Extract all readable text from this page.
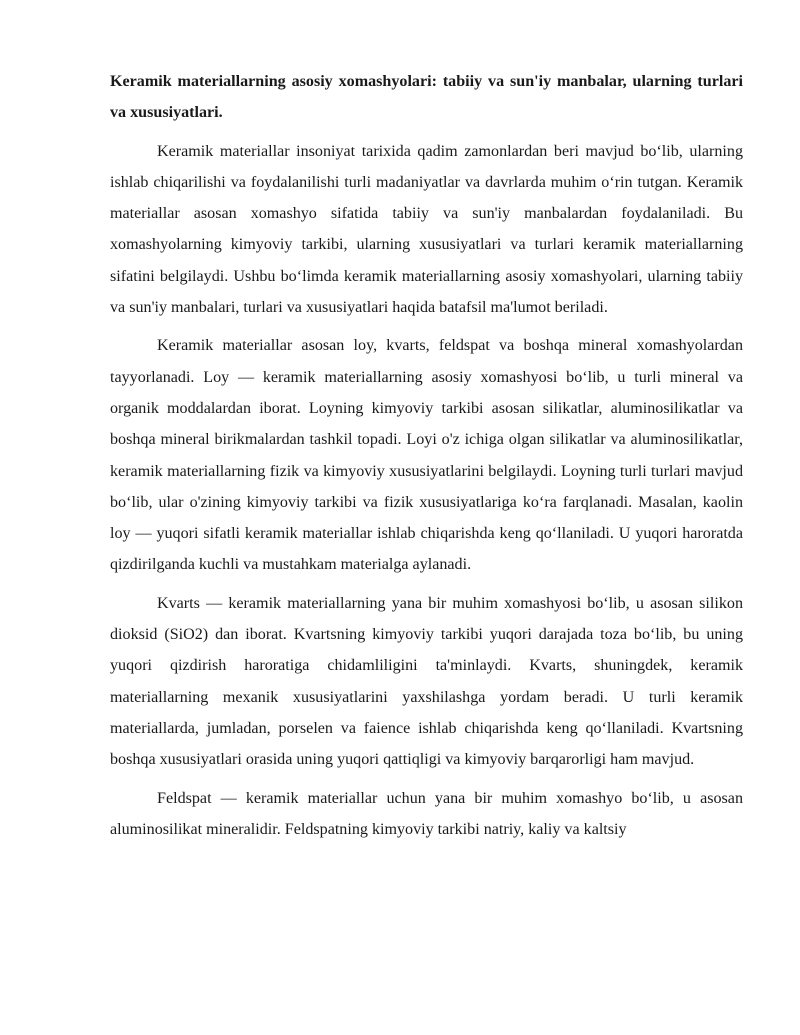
Keramik materiallarning asosiy xomashyolari: tabiiy va sun'iy manbalar, ularning turlari va xususiyatlari.

Keramik materiallar insoniyat tarixida qadim zamonlardan beri mavjud bo‘lib, ularning ishlab chiqarilishi va foydalanilishi turli madaniyatlar va davrlarda muhim o‘rin tutgan. Keramik materiallar asosan xomashyo sifatida tabiiy va sun'iy manbalardan foydalaniladi. Bu xomashyolarning kimyoviy tarkibi, ularning xususiyatlari va turlari keramik materiallarning sifatini belgilaydi. Ushbu bo‘limda keramik materiallarning asosiy xomashyolari, ularning tabiiy va sun'iy manbalari, turlari va xususiyatlari haqida batafsil ma'lumot beriladi.

Keramik materiallar asosan loy, kvarts, feldspat va boshqa mineral xomashyolardan tayyorlanadi. Loy — keramik materiallarning asosiy xomashyosi bo‘lib, u turli mineral va organik moddalardan iborat. Loyning kimyoviy tarkibi asosan silikatlar, aluminosilikatlar va boshqa mineral birikmalardan tashkil topadi. Loyi o'z ichiga olgan silikatlar va aluminosilikatlar, keramik materiallarning fizik va kimyoviy xususiyatlarini belgilaydi. Loyning turli turlari mavjud bo‘lib, ular o'zining kimyoviy tarkibi va fizik xususiyatlariga ko‘ra farqlanadi. Masalan, kaolin loy — yuqori sifatli keramik materiallar ishlab chiqarishda keng qo‘llaniladi. U yuqori haroratda qizdirilganda kuchli va mustahkam materialga aylanadi.

Kvarts — keramik materiallarning yana bir muhim xomashyosi bo‘lib, u asosan silikon dioksid (SiO2) dan iborat. Kvartsning kimyoviy tarkibi yuqori darajada toza bo‘lib, bu uning yuqori qizdirish haroratiga chidamliligini ta'minlaydi. Kvarts, shuningdek, keramik materiallarning mexanik xususiyatlarini yaxshilashga yordam beradi. U turli keramik materiallarda, jumladan, porselen va faience ishlab chiqarishda keng qo‘llaniladi. Kvartsning boshqa xususiyatlari orasida uning yuqori qattiqligi va kimyoviy barqarorligi ham mavjud.

Feldspat — keramik materiallar uchun yana bir muhim xomashyo bo‘lib, u asosan aluminosilikat mineralidir. Feldspatning kimyoviy tarkibi natriy, kaliy va kaltsiy
